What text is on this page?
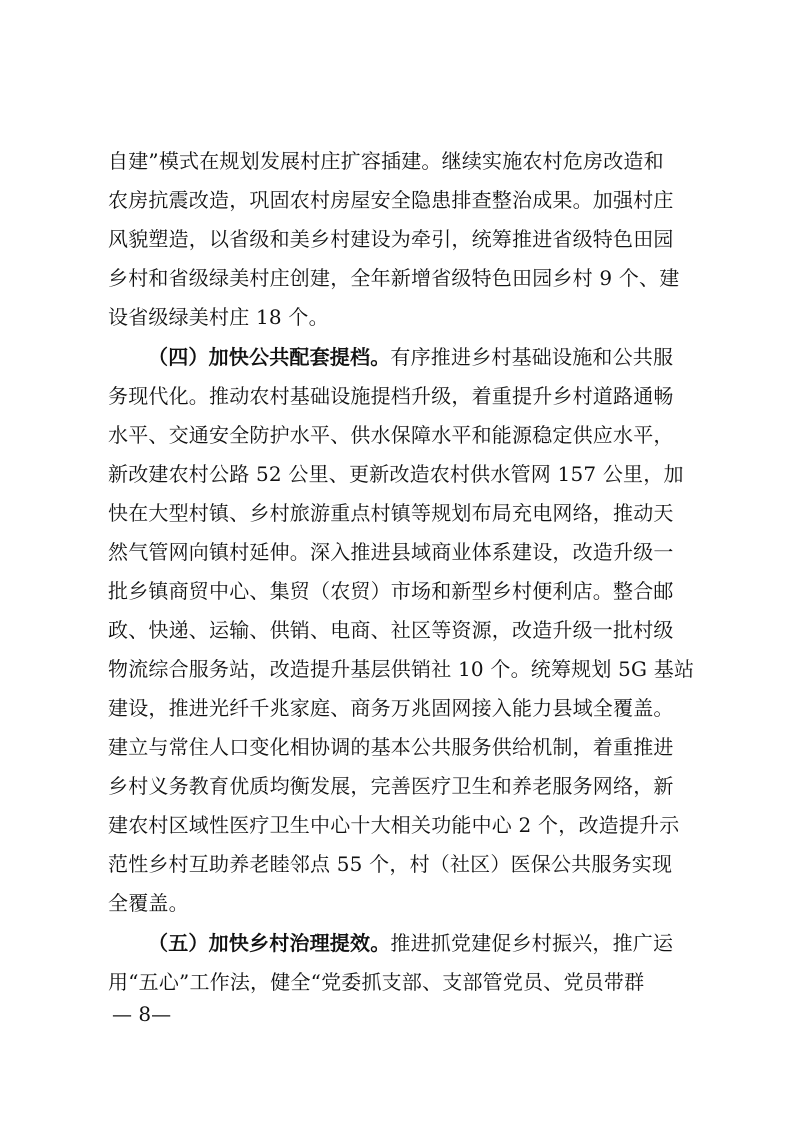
自建”模式在规划发展村庄扩容插建。继续实施农村危房改造和
农房抗震改造，巩固农村房屋安全隐患排查整治成果。加强村庄
风貌塑造，以省级和美乡村建设为牵引，统筹推进省级特色田园
乡村和省级绿美村庄创建，全年新增省级特色田园乡村 9 个、建
设省级绿美村庄 18 个。
（四）加快公共配套提档。有序推进乡村基础设施和公共服
务现代化。推动农村基础设施提档升级，着重提升乡村道路通畅
水平、交通安全防护水平、供水保障水平和能源稳定供应水平，
新改建农村公路 52 公里、更新改造农村供水管网 157 公里，加
快在大型村镇、乡村旅游重点村镇等规划布局充电网络，推动天
然气管网向镇村延伸。深入推进县域商业体系建设，改造升级一
批乡镇商贸中心、集贸（农贸）市场和新型乡村便利店。整合邮
政、快递、运输、供销、电商、社区等资源，改造升级一批村级
物流综合服务站，改造提升基层供销社 10 个。统筹规划 5G 基站
建设，推进光纤千兆家庭、商务万兆固网接入能力县域全覆盖。
建立与常住人口变化相协调的基本公共服务供给机制，着重推进
乡村义务教育优质均衡发展，完善医疗卫生和养老服务网络，新
建农村区域性医疗卫生中心十大相关功能中心 2 个，改造提升示
范性乡村互助养老睦邻点 55 个，村（社区）医保公共服务实现
全覆盖。
（五）加快乡村治理提效。推进抓党建促乡村振兴，推广运
用“五心”工作法，健全“党委抓支部、支部管党员、党员带群
— 8—
